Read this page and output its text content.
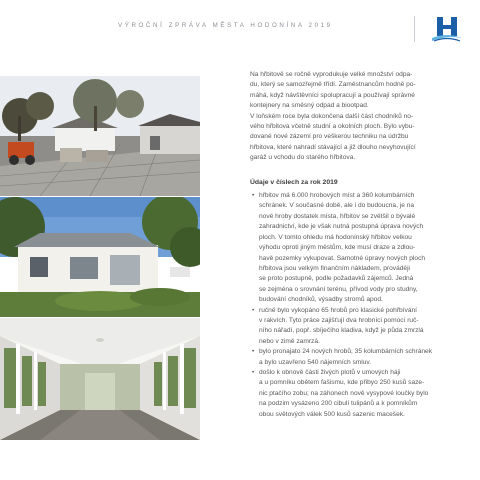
VÝROČNÍ ZPRÁVA MĚSTA HODONÍNA 2019

Na hřbitově se ročně vyprodukuje velké množství odpa-
du, který se samozřejmě třídí. Zaměstnancům hodně po-
máhá, když návštěvníci spolupracují a používají správné
kontejnery na směsný odpad a biootpad.
V loňském roce byla dokončena další část chodníků no-
vého hřbitova včetně studní a okolních ploch. Bylo vybu-
dované nové zázemí pro veškerou techniku na údržbu
hřbitova, které nahradí stávající a již dlouho nevyhovující
garáž u vchodu do starého hřbitova.

Údaje v číslech za rok 2019
• hřbitov má 6.000 hrobových míst a 360 kolumbárních
schránek. V současné době, ale i do budoucna, je na
nové hroby dostatek místa, hřbitov se zvětšil o bývalé
zahradnictví, kde je však nutná postupná úprava nových
ploch. V tomto ohledu má hodonínský hřbitov velkou
výhodu oproti jiným městům, kde musí draze a zdlou-
havě pozemky vykupovat. Samotné úpravy nových ploch
hřbitova jsou velkým finančním nákladem, prováději
se proto postupně, podle požadavků zájemců. Jedná
se zejména o srovnání terénu, přívod vody pro studny,
budování chodníků, výsadby stromů apod.
• ručně bylo vykopáno 65 hrobů pro klasické pohřbívání
v rakvích. Tyto práce zajišťují dva hrobníci pomocí ruč-
ního nářadí, popř. sbíječího kladiva, když je půda zmrzlá
nebo v zimě zamrzá.
• bylo pronajato 24 nových hrobů, 35 kolumbárních schránek
a bylo uzavřeno 540 nájemních smluv.
• došlo k obnově části živých plotů v umových háji
a u pomníku obětem fašismu, kde přibyo 250 kusů saze-
nic ptačího zobu; na záhonech nově vysypové loučky bylo
na podzim vysázeno 200 cibulí tulipánů a k pomníkům
obou světových válek 500 kusů sazenic macešek.
